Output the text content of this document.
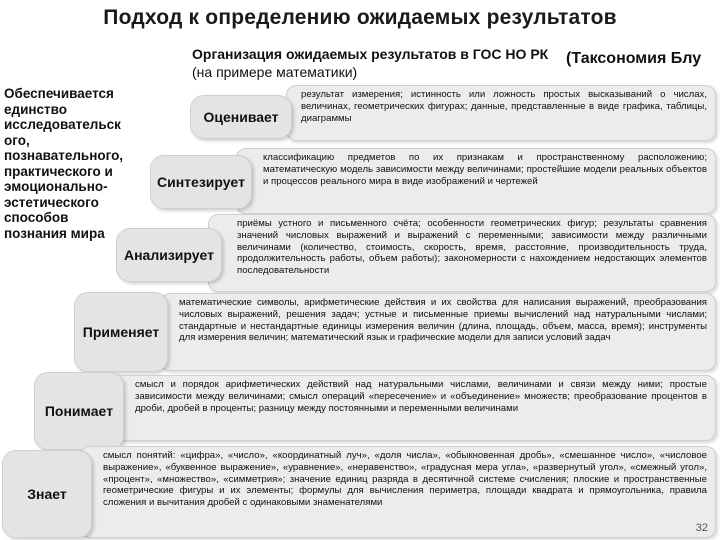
Подход к определению ожидаемых результатов
Организация ожидаемых результатов в ГОС НО РК (Таксономия Блу
(на примере математики)
Обеспечивается
единство
исследовательск
ого,
познавательного,
практического и
эмоционально-
эстетического
способов
познания мира
результат измерения; истинность или ложность простых высказываний о числах, величинах, геометрических фигурах; данные, представленные в виде графика, таблицы, диаграммы
Оценивает
классификацию предметов по их признакам и пространственному расположению; математическую модель зависимости между величинами; простейшие модели реальных объектов и процессов реального мира в виде изображений и чертежей
Синтезируе т
приёмы устного и письменного счёта; особенности геометрических фигур; результаты сравнения значений числовых выражений и выражений с переменными; зависимости между различными величинами (количество, стоимость, скорость, время, расстояние, производительность труда, продолжительность работы, объем работы); закономерности с нахождением недостающих элементов последовательности
Анализиру ет
математические символы, арифметические действия и их свойства для написания выражений, преобразования числовых выражений, решения задач; устные и письменные приемы вычислений над натуральными числами; стандартные и нестандартные единицы измерения величин (длина, площадь, объем, масса, время); инструменты для измерения величин; математический язык и графические модели для записи условий задач
Применя ет
смысл и порядок арифметических действий над натуральными числами, величинами и связи между ними; простые зависимости между величинами; смысл операций «пересечение» и «объединение» множеств; преобразование процентов в дроби, дробей в проценты; разницу между постоянными и переменными величинами
Понимае т
смысл понятий: «цифра», «число», «координатный луч», «доля числа», «обыкновенная дробь», «смешанное число», «числовое выражение», «буквенное выражение», «уравнение», «неравенство», «градусная мера угла», «развернутый угол», «смежный угол», «процент», «множество», «симметрия»; значение единиц разряда в десятичной системе счисления; плоские и пространственные геометрические фигуры и их элементы; формулы для вычисления периметра, площади квадрата и прямоугольника, правила сложения и вычитания дробей с одинаковыми знаменателями
Знает
32
